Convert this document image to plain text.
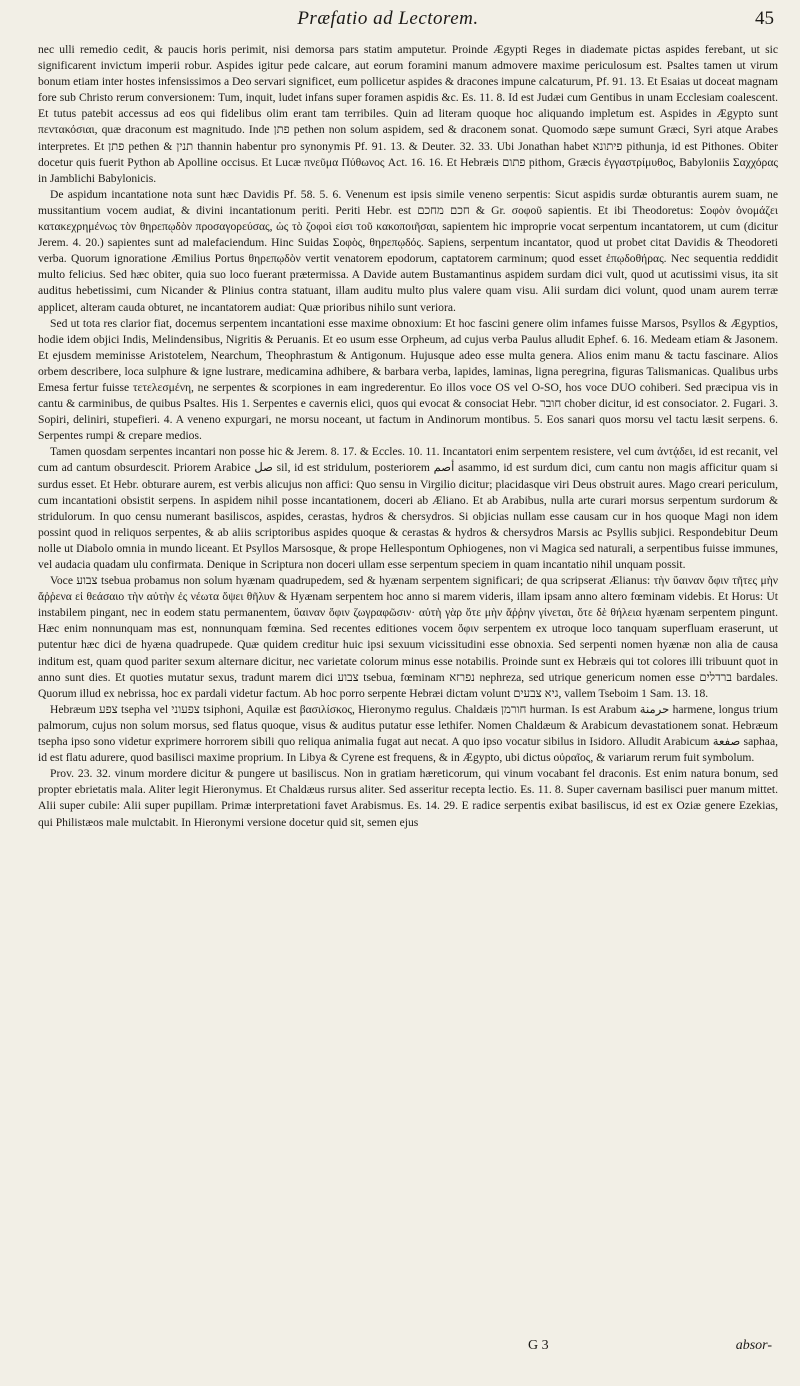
Præfatio ad Lectorem.	45

nec ulli remedio cedit, & paucis horis perimit, nisi demorsa pars statim amputetur. Proinde Ægypti Reges in diademate pictas aspides ferebant, ut sic significarent invictum imperii robur. Aspides igitur pede calcare, aut eorum foramini manum admovere maxime periculosum est. Psaltes tamen ut virum bonum etiam inter hostes infensissimos a Deo servari significet, eum pollicetur aspides & dracones impune calcaturum, Pf. 91. 13. Et Esaias ut doceat magnam fore sub Christo rerum conversionem: Tum, inquit, ludet infans super foramen aspidis &c. Es. 11. 8. Id est Judæi cum Gentibus in unam Ecclesiam coalescent. Et tutus patebit accessus ad eos qui fidelibus olim erant tam terribiles. Quin ad literam quoque hoc aliquando impletum est. Aspides in Ægypto sunt πεντακόσιαι, quæ draconum est magnitudo. Inde פתן pethen non solum aspidem, sed & draconem sonat. Quomodo sæpe sumunt Græci, Syri atque Arabes interpretes. Et פתן pethen & תנין thannin habentur pro synonymis Pf. 91. 13. & Deuter. 32. 33. Ubi Jonathan habet פיתונא pithunja, id est Pithones. Obiter docetur quis fuerit Python ab Apolline occisus. Et Lucæ πνεῦμα Πύθωνος Act. 16. 16. Et Hebræis פתום pithom, Græcis ἐγγαστρίμυθος, Babyloniis Σαχχόρας in Jamblichi Babylonicis.

De aspidum incantatione nota sunt hæc Davidis Pf. 58. 5. 6. Venenum est ipsis simile veneno serpentis: Sicut aspidis surdæ obturantis aurem suam, ne mussitantium vocem audiat, & divini incantationum periti. Periti Hebr. est חכם מחכם & Gr. σοφοῦ sapientis. Et ibi Theodoretus: Σοφὸν ὀνομάζει κατακεχρημένως τὸν θηρεπῳδὸν προσαγορεύσας, ὡς τὸ ζοφοὶ εἰσι τοῦ κακοποιῆσαι, sapientem hic improprie vocat serpentum incantatorem, ut cum (dicitur Jerem. 4. 20.) sapientes sunt ad malefaciendum. Hinc Suidas Σοφὸς, θηρεπῳδός. Sapiens, serpentum incantator, quod ut probet citat Davidis & Theodoreti verba. Quorum ignoratione Æmilius Portus θηρεπῳδὸν vertit venatorem epodorum, captatorem carminum; quod esset ἐπῳδοθήρας. Nec sequentia reddidit multo felicius. Sed hæc obiter, quia suo loco fuerant prætermissa. A Davide autem Bustamantinus aspidem surdam dici vult, quod ut acutissimi visus, ita sit auditus hebetissimi, cum Nicander & Plinius contra statuant, illam auditu multo plus valere quam visu. Alii surdam dici volunt, quod unam aurem terræ applicet, alteram cauda obturet, ne incantatorem audiat: Quæ prioribus nihilo sunt veriora.

Sed ut tota res clarior fiat, docemus serpentem incantationi esse maxime obnoxium: Et hoc fascini genere olim infames fuisse Marsos, Psyllos & Ægyptios, hodie idem objici Indis, Melindensibus, Nigritis & Peruanis. Et eo usum esse Orpheum, ad cujus verba Paulus alludit Ephef. 6. 16. Medeam etiam & Jasonem. Et ejusdem meminisse Aristotelem, Nearchum, Theophrastum & Antigonum. Hujusque adeo esse multa genera. Alios enim manu & tactu fascinare. Alios orbem describere, loca sulphure & igne lustrare, medicamina adhibere, & barbara verba, lapides, laminas, ligna peregrina, figuras Talismanicas. Qualibus urbs Emesa fertur fuisse τετελεσμένη, ne serpentes & scorpiones in eam ingrederentur. Eo illos voce OS vel O-SO, hos voce DUO cohiberi. Sed præcipua vis in cantu & carminibus, de quibus Psaltes. His 1. Serpentes e cavernis elici, quos qui evocat & consociat Hebr. חובר chober dicitur, id est consociator. 2. Fugari. 3. Sopiri, deliniri, stupefieri. 4. A veneno expurgari, ne morsu noceant, ut factum in Andinorum montibus. 5. Eos sanari quos morsu vel tactu læsit serpens. 6. Serpentes rumpi & crepare medios.

Tamen quosdam serpentes incantari non posse hic & Jerem. 8. 17. & Eccles. 10. 11. Incantatori enim serpentem resistere, vel cum ἀντᾴδει, id est recanit, vel cum ad cantum obsurdescit. Priorem Arabice صل sil, id est stridulum, posteriorem أصم asammo, id est surdum dici, cum cantu non magis afficitur quam si surdus esset. Et Hebr. obturare aurem, est verbis alicujus non affici: Quo sensu in Virgilio dicitur; placidasque viri Deus obstruit aures. Mago creari periculum, cum incantationi obsistit serpens. In aspidem nihil posse incantationem, doceri ab Æliano. Et ab Arabibus, nulla arte curari morsus serpentum surdorum & stridulorum. In quo censu numerant basiliscos, aspides, cerastas, hydros & chersydros. Si objicias nullam esse causam cur in hos quoque Magi non idem possint quod in reliquos serpentes, & ab aliis scriptoribus aspides quoque & cerastas & hydros & chersydros Marsis ac Psyllis subjici. Respondebitur Deum nolle ut Diabolo omnia in mundo liceant. Et Psyllos Marsosque, & prope Hellespontum Ophiogenes, non vi Magica sed naturali, a serpentibus fuisse immunes, vel audacia quadam ulu confirmata. Denique in Scriptura non doceri ullam esse serpentum speciem in quam incantatio nihil unquam possit.

Voce צבוע tsebua probamus non solum hyænam quadrupedem, sed & hyænam serpentem significari; de qua scripserat Ælianus: τὴν ὕαιναν ὄφιν τῆτες μὴν ἄῤῥενα εἰ θεάσαιο τὴν αὐτὴν ἐς νέωτα ὄψει θῆλυν & Hyænam serpentem hoc anno si marem videris, illam ipsam anno altero fœminam videbis. Et Horus: Ut instabilem pingant, nec in eodem statu permanentem, ὕαιναν ὄφιν ζωγραφῶσιν· αὐτὴ γὰρ ὅτε μὴν ἄῤῥην γίνεται, ὅτε δὲ θήλεια hyænam serpentem pingunt. Hæc enim nonnunquam mas est, nonnunquam fœmina. Sed recentes editiones vocem ὄφιν serpentem ex utroque loco tanquam superfluam eraserunt, ut putentur hæc dici de hyæna quadrupede. Quæ quidem creditur huic ipsi sexuum vicissitudini esse obnoxia. Sed serpenti nomen hyænæ non alia de causa inditum est, quam quod pariter sexum alternare dicitur, nec varietate colorum minus esse notabilis. Proinde sunt ex Hebræis qui tot colores illi tribuunt quot in anno sunt dies. Et quoties mutatur sexus, tradunt marem dici צבוע tsebua, fœminam נפרזא nephreza, sed utrique genericum nomen esse ברדלים bardales. Quorum illud ex nebrissa, hoc ex pardali videtur factum. Ab hoc porro serpente Hebræi dictam volunt גיא צבעים, vallem Tseboim 1 Sam. 13. 18.

Hebræum צפע tsepha vel צפעוני tsiphoni, Aquilæ est βασιλίσκος, Hieronymo regulus. Chaldæis חורמן hurman. Is est Arabum حرمنة harmene, longus trium palmorum, cujus non solum morsus, sed flatus quoque, visus & auditus putatur esse lethifer. Nomen Chaldæum & Arabicum devastationem sonat. Hebræum tsepha ipso sono videtur exprimere horrorem sibili quo reliqua animalia fugat aut necat. A quo ipso vocatur sibilus in Isidoro. Alludit Arabicum صفعة saphaa, id est flatu adurere, quod basilisci maxime proprium. In Libya & Cyrene est frequens, & in Ægypto, ubi dictus οὐραῖος, & variarum rerum fuit symbolum.

Prov. 23. 32. vinum mordere dicitur & pungere ut basiliscus. Non in gratiam hæreticorum, qui vinum vocabant fel draconis. Est enim natura bonum, sed propter ebrietatis mala. Aliter legit Hieronymus. Et Chaldæus rursus aliter. Sed asseritur recepta lectio. Es. 11. 8. Super cavernam basilisci puer manum mittet. Alii super cubile: Alii super pupillam. Primæ interpretationi favet Arabismus. Es. 14. 29. E radice serpentis exibat basiliscus, id est ex Oziæ genere Ezekias, qui Philistæos male mulctabit. In Hieronymi versione docetur quid sit, semen ejus

G 3	absor-
